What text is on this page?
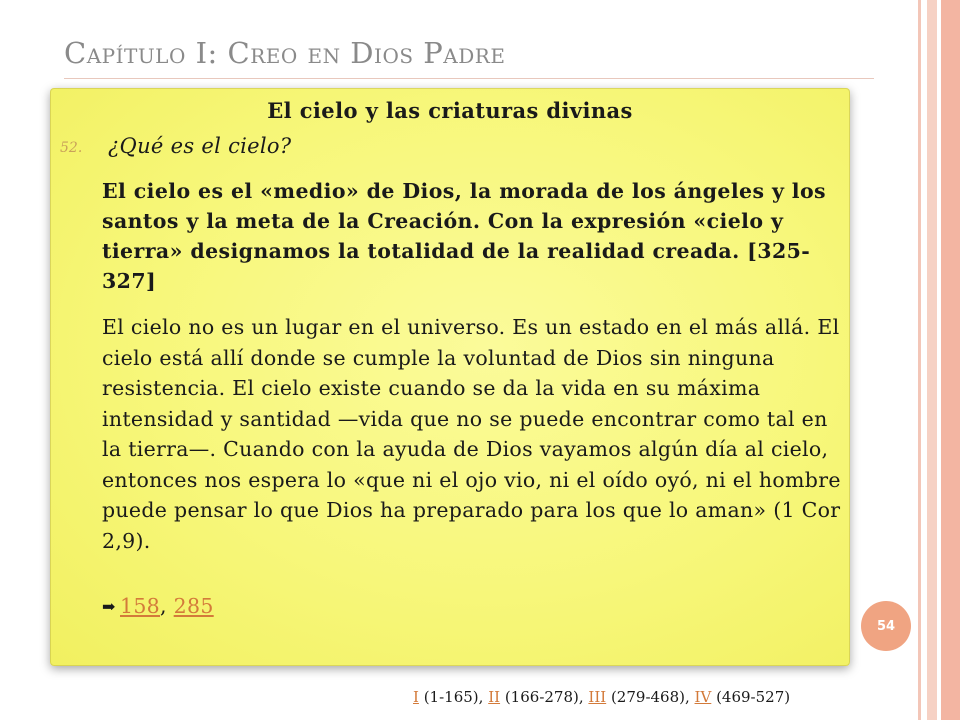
Capítulo I: Creo en Dios Padre
El cielo y las criaturas divinas
52. ¿Qué es el cielo?

El cielo es el «medio» de Dios, la morada de los ángeles y los santos y la meta de la Creación. Con la expresión «cielo y tierra» designamos la totalidad de la realidad creada. [325-327]

El cielo no es un lugar en el universo. Es un estado en el más allá. El cielo está allí donde se cumple la voluntad de Dios sin ninguna resistencia. El cielo existe cuando se da la vida en su máxima intensidad y santidad —vida que no se puede encontrar como tal en la tierra—. Cuando con la ayuda de Dios vayamos algún día al cielo, entonces nos espera lo «que ni el ojo vio, ni el oído oyó, ni el hombre puede pensar lo que Dios ha preparado para los que lo aman» (1 Cor 2,9).

➡ 158, 285
54
I (1-165), II (166-278), III (279-468), IV (469-527)
